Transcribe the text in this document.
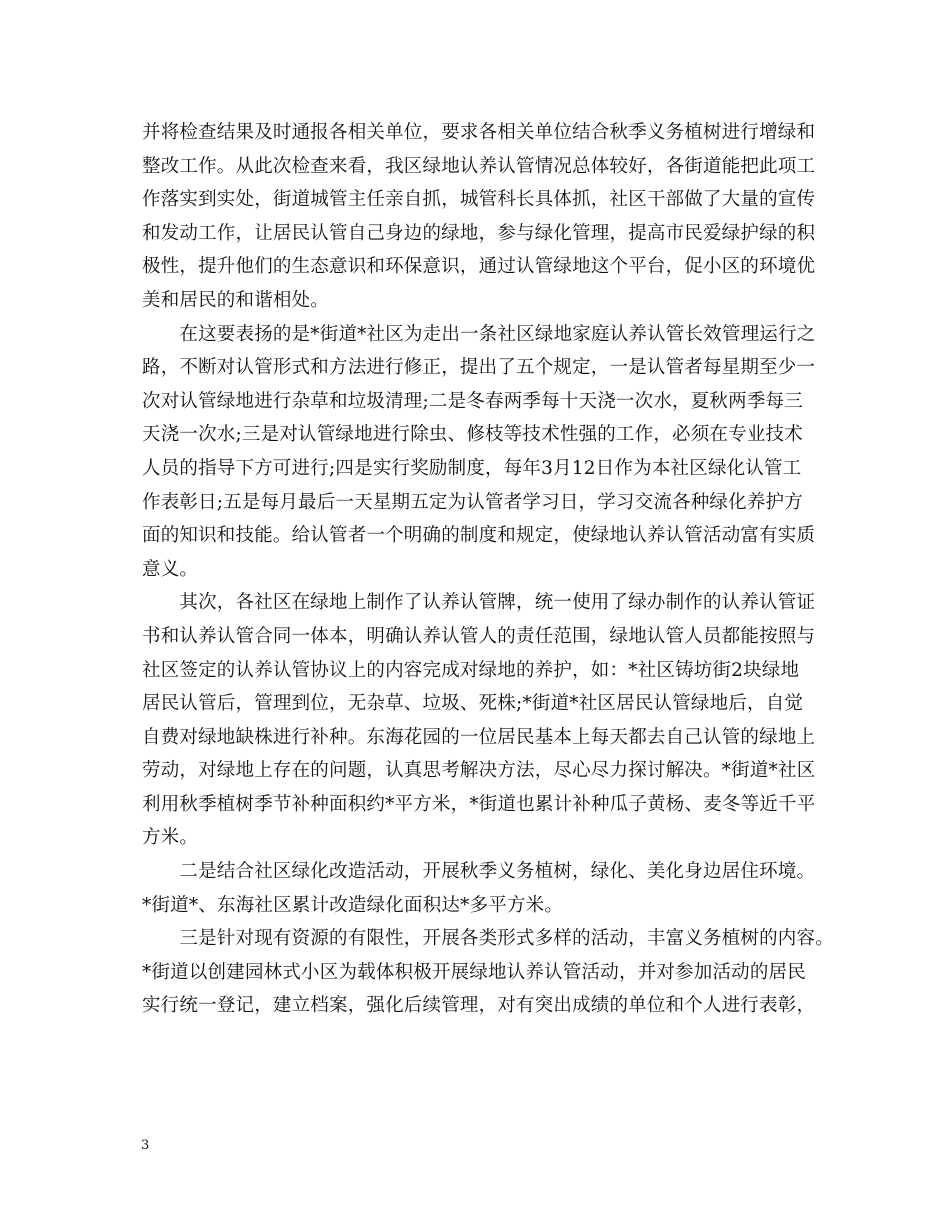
并将检查结果及时通报各相关单位，要求各相关单位结合秋季义务植树进行增绿和
整改工作。从此次检查来看，我区绿地认养认管情况总体较好，各街道能把此项工
作落实到实处，街道城管主任亲自抓，城管科长具体抓，社区干部做了大量的宣传
和发动工作，让居民认管自己身边的绿地，参与绿化管理，提高市民爱绿护绿的积
极性，提升他们的生态意识和环保意识，通过认管绿地这个平台，促小区的环境优
美和居民的和谐相处。
　　在这要表扬的是*街道*社区为走出一条社区绿地家庭认养认管长效管理运行之
路，不断对认管形式和方法进行修正，提出了五个规定，一是认管者每星期至少一
次对认管绿地进行杂草和垃圾清理;二是冬春两季每十天浇一次水，夏秋两季每三
天浇一次水;三是对认管绿地进行除虫、修枝等技术性强的工作，必须在专业技术
人员的指导下方可进行;四是实行奖励制度，每年3月12日作为本社区绿化认管工
作表彰日;五是每月最后一天星期五定为认管者学习日，学习交流各种绿化养护方
面的知识和技能。给认管者一个明确的制度和规定，使绿地认养认管活动富有实质
意义。
　　其次，各社区在绿地上制作了认养认管牌，统一使用了绿办制作的认养认管证
书和认养认管合同一体本，明确认养认管人的责任范围，绿地认管人员都能按照与
社区签定的认养认管协议上的内容完成对绿地的养护，如：*社区铸坊街2块绿地
居民认管后，管理到位，无杂草、垃圾、死株;*街道*社区居民认管绿地后，自觉
自费对绿地缺株进行补种。东海花园的一位居民基本上每天都去自己认管的绿地上
劳动，对绿地上存在的问题，认真思考解决方法，尽心尽力探讨解决。*街道*社区
利用秋季植树季节补种面积约*平方米，*街道也累计补种瓜子黄杨、麦冬等近千平
方米。
　　二是结合社区绿化改造活动，开展秋季义务植树，绿化、美化身边居住环境。
*街道*、东海社区累计改造绿化面积达*多平方米。
　　三是针对现有资源的有限性，开展各类形式多样的活动，丰富义务植树的内容。
*街道以创建园林式小区为载体积极开展绿地认养认管活动，并对参加活动的居民
实行统一登记，建立档案，强化后续管理，对有突出成绩的单位和个人进行表彰，
3
